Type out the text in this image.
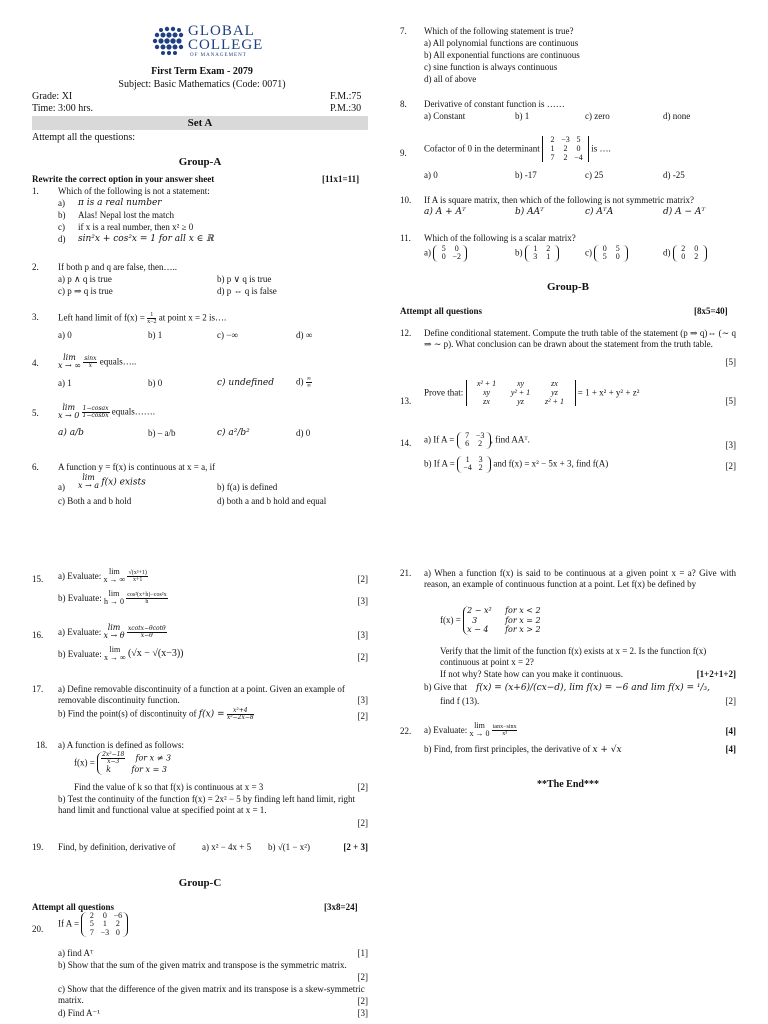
GLOBAL
COLLEGE
OF MANAGEMENT
First Term Exam - 2079
Subject: Basic Mathematics (Code: 0071)
Grade: XI	F.M.:75
Time: 3:00 hrs.	P.M.:30
Set A
Attempt all the questions:
Group-A
Rewrite the correct option in your answer sheet	[11x1=11]
1. Which of the following is not a statement:
a) π is a real number
b) Alas! Nepal lost the match
c) if x is a real number, then x² ≥ 0
d) sin²x + cos²x = 1 for all x ∈ ℝ
2. If both p and q are false, then…..
a) p ∧ q is true	b) p ∨ q is true
c) p ⇒ q is true	d) p ⇔ q is false
3. Left hand limit of $f(x) = \frac{1}{x-2}$ at point x = 2 is….
a) 0	b) 1	c) −∞	d) ∞
4.
lim
x → ∞
$\frac{\sin x}{x}$ equals…..
a) 1	b) 0	c) undefined $d) \frac{\infty}{\infty}$
5.
lim
x → 0
$\frac{\text{1−cosax}}{\text{1−cosbx}}$ equals…….
a) a/b	b) – a/b	c) a²/b²	d) 0
6. A function y = f(x) is continuous at x = a, if
a)
lim
x → a f(x) exists	b) f(a) is defined
c) Both a and b hold	d) both a and b hold and equal
7. Which of the following statement is true?
a) All polynomial functions are continuous
b) All exponential functions are continuous
c) sine function is always continuous
d) all of above
8. Derivative of constant function is ……
a) Constant	b) 1	c) zero	d) none
9. Cofactor of 0 in the determinant
2 −3 5
1 2 0
7 2 −4
is ….
a) 0	b) -17	c) 25	d) -25
10. If A is square matrix, then which of the following is not symmetric matrix?
a) A + Aᵀ	b) AAᵀ	c) AᵀA	d) A − Aᵀ
11. Which of the following is a scalar matrix?
a)	5 0
0 −2	b)	1 2
3 1	c)	0 5
5 0	d)	2 0
0 2
Group-B
Attempt all questions	[8x5=40]
12. Define conditional statement. Compute the truth table of the statement (p ⇒ q)⇔ (∼ q ⇒ ∼ p). What conclusion can be drawn about the statement from the truth table.
[5]
13.
Prove that:
x² + 1	xy	zx
xy	y² + 1	yz
zx	yz	z² + 1
= 1 + x² + y² + z²
[5]
14. a) If A =	7 −3
6 2 , find AAᵀ.
[3]
b) If A =	1 3
−4 2	and f(x) = x² − 5x + 3, find f(A)	[2]
15. a) Evaluate: lim
x → ∞
$\frac{\text{√(x²+1)}}{x+1}$	[2]
b) Evaluate: lim
h → 0
$\frac{\text{cos²(x+h)−cos²x}}{h}$	[3]
16. a) Evaluate: lim
x → θ
$\frac{xcotx-\theta\cot\theta}{x-\theta}$	[3]
b) Evaluate: lim
x → ∞ (√x − √(x−3))	[2]
17. a) Define removable discontinuity of a function at a point. Given an example of removable discontinuity function.	[3]
b) Find the point(s) of discontinuity of $f(x) = \frac{\text{x²+4}}{\text{x²−2x−8}}$	[2]
18. a) A function is defined as follows:
$f(x) = \frac{\text{2x²−18}}{x-3}$ for x ≠ 3
k	for x = 3
Find the value of k so that f(x) is continuous at x = 3	[2]
b) Test the continuity of the function f(x) = 2x² − 5 by finding left hand limit, right hand limit and functional value at specified point at x = 1.
[2]
19. Find, by definition, derivative of	a) x² − 4x + 5 b) √(1 − x²)	[2 + 3]
Group-C
Attempt all questions	[3x8=24]
20.
If A =
2 0 −6
5 1 2
7 −3 0
a) find Aᵀ	[1]
b) Show that the sum of the given matrix and transpose is the symmetric matrix.
[2]
c) Show that the difference of the given matrix and its transpose is a skew-symmetric matrix.	[2]
d) Find A⁻¹	[3]
21. a) When a function f(x) is said to be continuous at a given point x = a? Give with reason, an example of continuous function at a point. Let f(x) be defined by
f(x) =
2 − x² for x < 2
3	for x = 2
x − 4 for x > 2
Verify that the limit of the function f(x) exists at x = 2. Is the function f(x) continuous at point x = 2?
If not why? State how can you make it continuous.	[1+2+1+2]
b) Give that f(x) = (x+6)/(cx−d), lim f(x) = −6 and lim f(x) = ¹/₃,
find f (13).	[2]
22. a) Evaluate: lim
x → 0
$\frac{\tan x-\sin x}{\text{x³}}$	[4]
b) Find, from first principles, the derivative of x + √x	[4]
**The End***
